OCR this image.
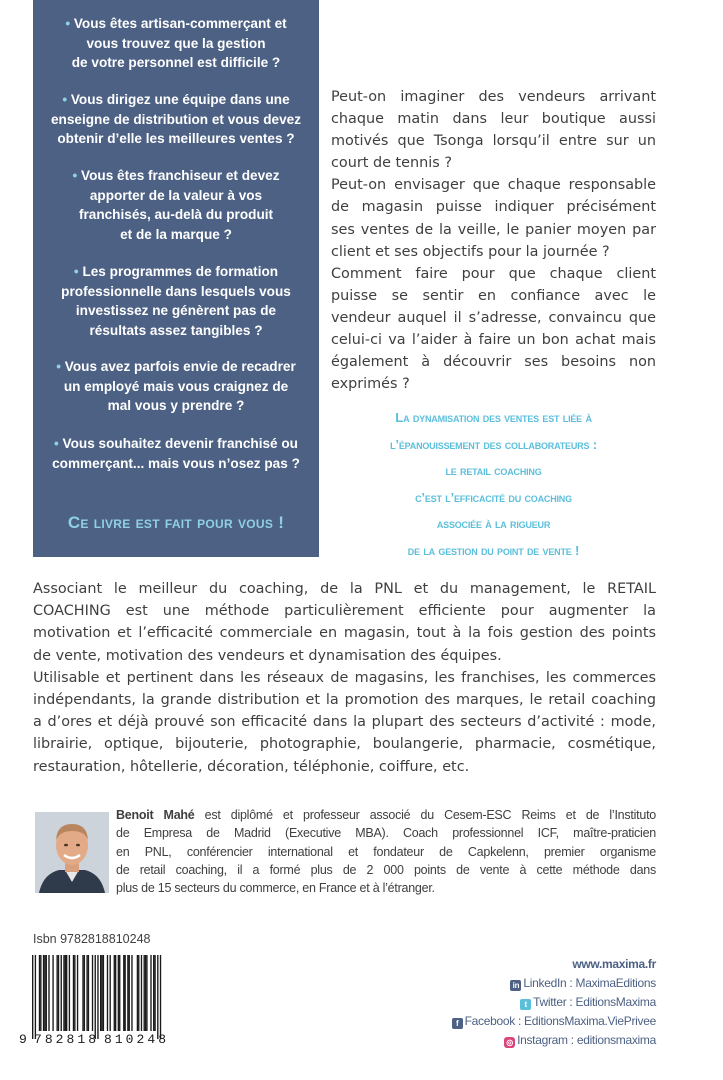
• Vous êtes artisan-commerçant et
vous trouvez que la gestion
de votre personnel est difficile ?
• Vous dirigez une équipe dans une
enseigne de distribution et vous devez
obtenir d’elle les meilleures ventes ?
• Vous êtes franchiseur et devez
apporter de la valeur à vos
franchisés, au-delà du produit
et de la marque ?
• Les programmes de formation
professionnelle dans lesquels vous
investissez ne génèrent pas de
résultats assez tangibles ?
• Vous avez parfois envie de recadrer
un employé mais vous craignez de
mal vous y prendre ?
• Vous souhaitez devenir franchisé ou
commerçant... mais vous n’osez pas ?
Ce livre est fait pour vous !

Peut-on imaginer des vendeurs arrivant
chaque matin dans leur boutique aussi
motivés que Tsonga lorsqu’il entre sur un
court de tennis ?

Peut-on envisager que chaque responsable
de magasin puisse indiquer précisément
ses ventes de la veille, le panier moyen par
client et ses objectifs pour la journée ?

Comment faire pour que chaque client
puisse se sentir en confiance avec le
vendeur auquel il s’adresse, convaincu que
celui-ci va l’aider à faire un bon achat mais
également à découvrir ses besoins non
exprimés ?

La dynamisation des ventes est liée à
l’épanouissement des collaborateurs :
le retail coaching
c’est l’efficacité du coaching
associée à la rigueur
de la gestion du point de vente !
Associant le meilleur du coaching, de la PNL et du management, le RETAIL
COACHING est une méthode particulièrement efficiente pour augmenter la
motivation et l’efficacité commerciale en magasin, tout à la fois gestion des points
de vente, motivation des vendeurs et dynamisation des équipes.
Utilisable et pertinent dans les réseaux de magasins, les franchises, les commerces
indépendants, la grande distribution et la promotion des marques, le retail coaching
a d’ores et déjà prouvé son efficacité dans la plupart des secteurs d’activité : mode,
librairie, optique, bijouterie, photographie, boulangerie, pharmacie, cosmétique,
restauration, hôtellerie, décoration, téléphonie, coiffure, etc.
Benoit Mahé est diplômé et professeur associé du Cesem-ESC Reims et de l’Instituto
de Empresa de Madrid (Executive MBA). Coach professionnel ICF, maître-praticien
en PNL, conférencier international et fondateur de Capkelenn, premier organisme
de retail coaching, il a formé plus de 2 000 points de vente à cette méthode dans
plus de 15 secteurs du commerce, en France et à l’étranger.
Isbn 9782818810248
9 782818 810248
www.maxima.fr
in LinkedIn : MaximaEditions
t Twitter : EditionsMaxima
f Facebook : EditionsMaxima.ViePrivee
◎ Instagram : editionsmaxima
